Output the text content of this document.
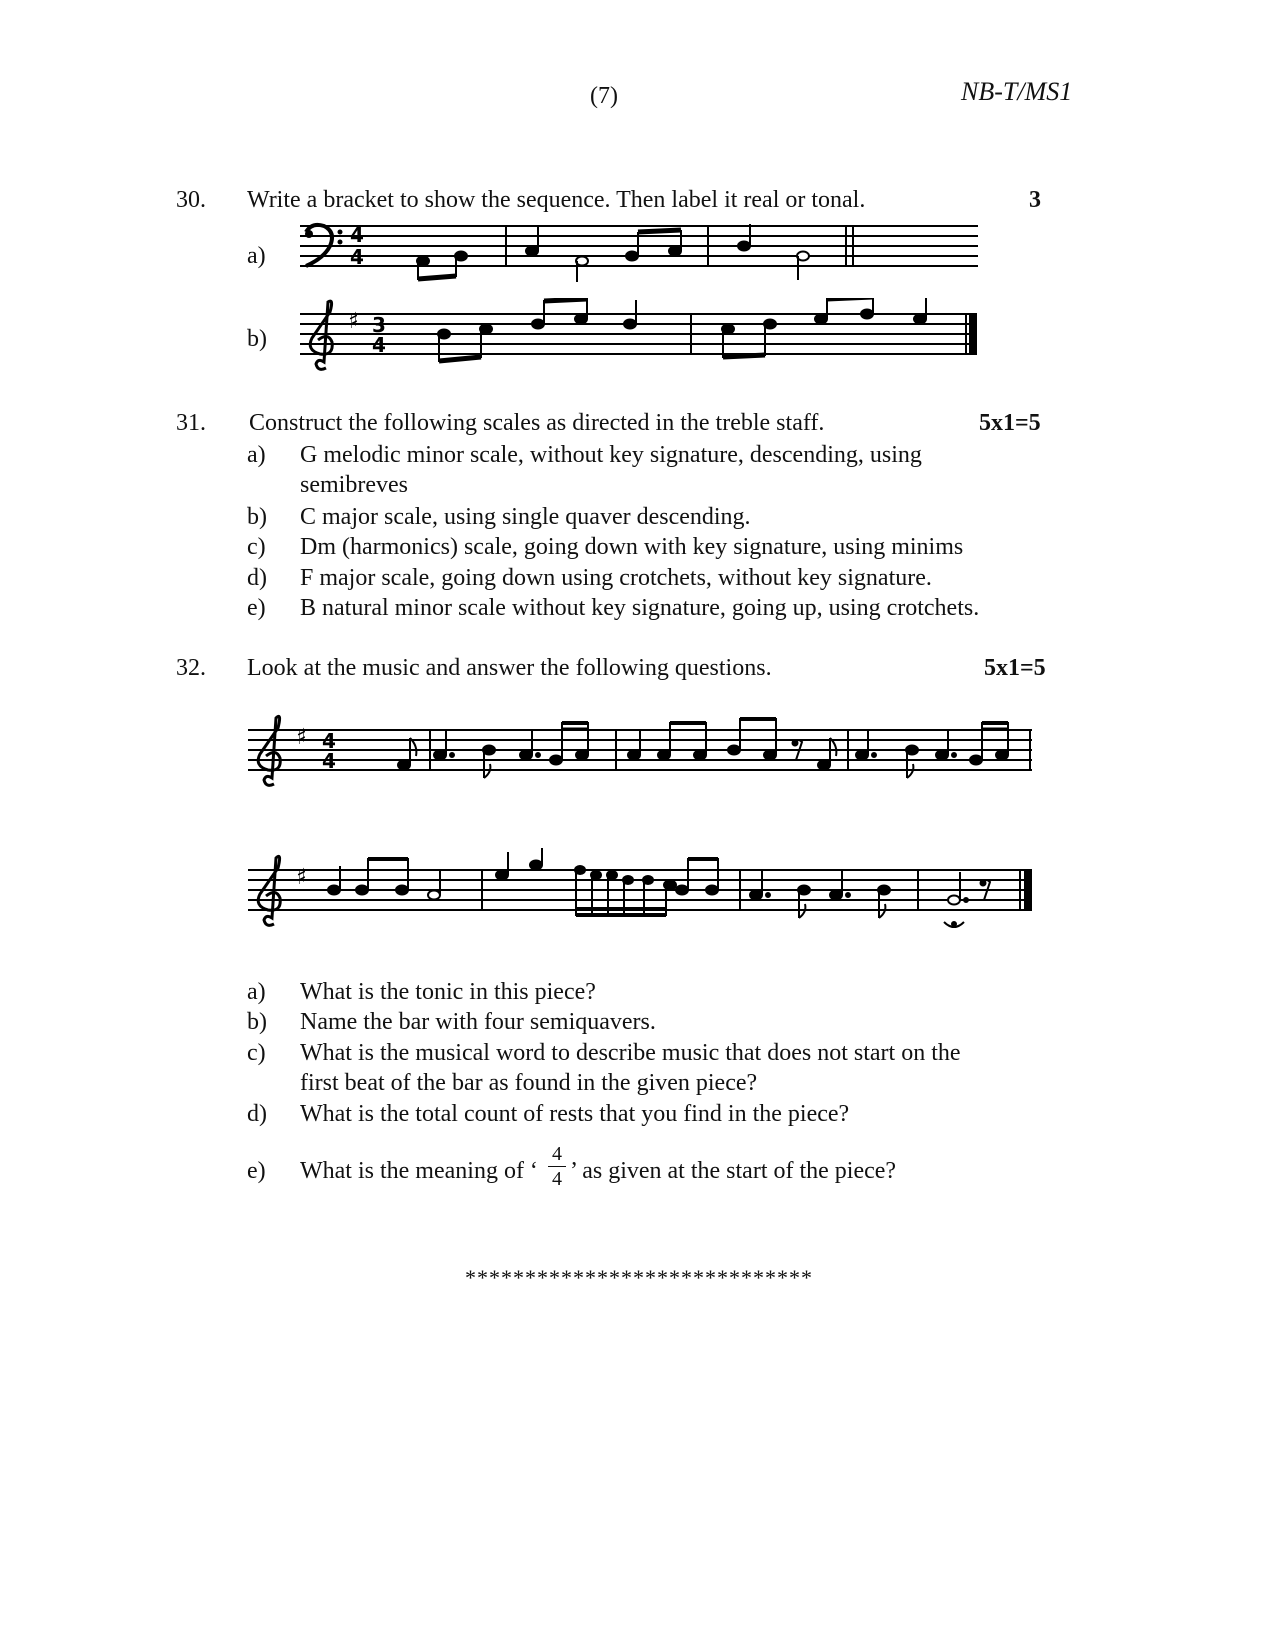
(7)	NB-T/MS1
30. Write a bracket to show the sequence. Then label it real or tonal.	3
a)
b)
4
4
♯ 3
4
31. Construct the following scales as directed in the treble staff.	5x1=5
a) G melodic minor scale, without key signature, descending, using
semibreves
b) C major scale, using single quaver descending.
c) Dm (harmonics) scale, going down with key signature, using minims
d) F major scale, going down using crotchets, without key signature.
e) B natural minor scale without key signature, going up, using crotchets.
32. Look at the music and answer the following questions.	5x1=5
♯ 4
4
♯
a) What is the tonic in this piece?
b) Name the bar with four semiquavers.
c) What is the musical word to describe music that does not start on the
first beat of the bar as found in the given piece?
d) What is the total count of rests that you find in the piece?
e) What is the meaning of ‘
4
4 ’ as given at the start of the piece?
*****************************
